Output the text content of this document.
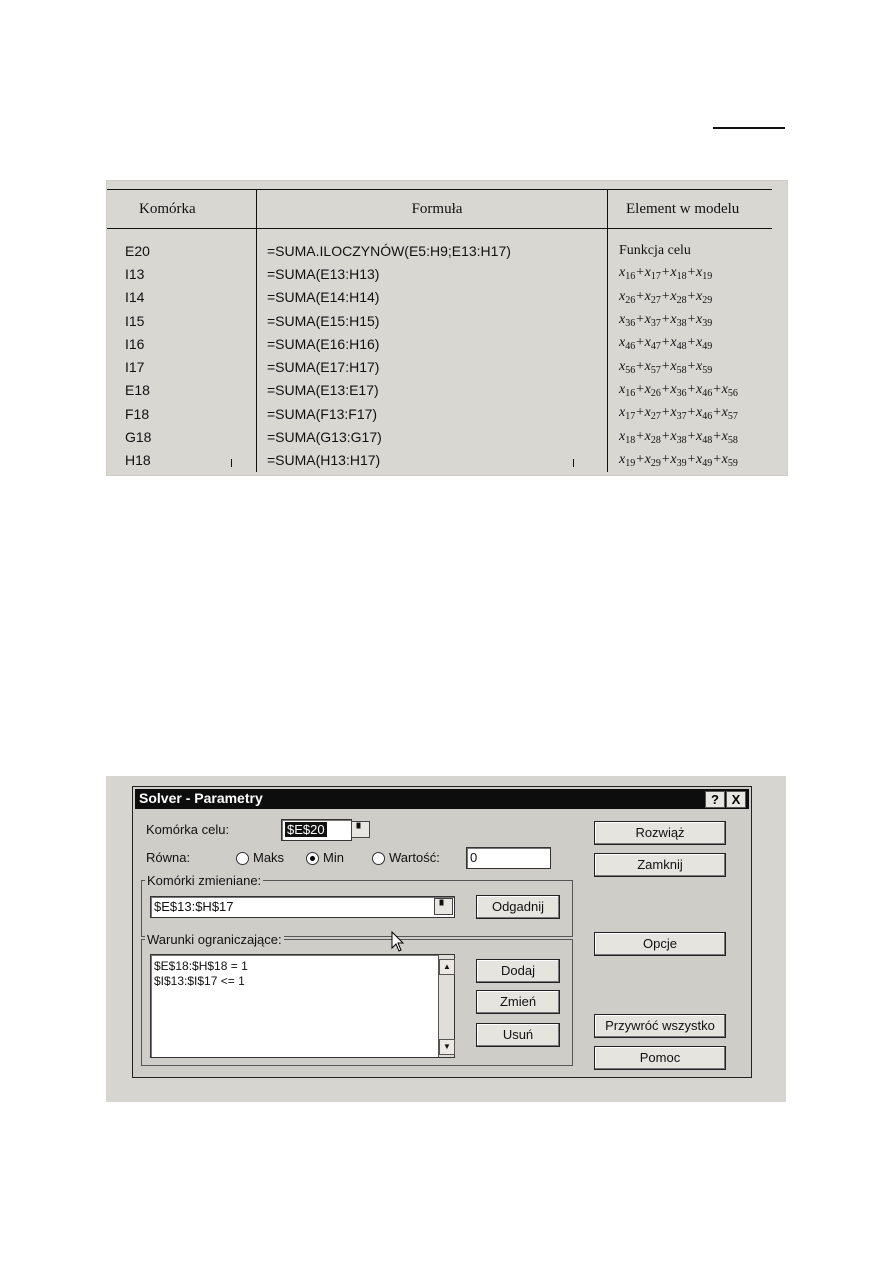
Komórka	Formuła	Element w modelu
E20	=SUMA.ILOCZYNÓW(E5:H9;E13:H17)	Funkcja celu
I13	=SUMA(E13:H13)	$x_{16}+x_{17}+x_{18}+x_{19}$
I14	=SUMA(E14:H14)	$x_{26}+x_{27}+x_{28}+x_{29}$
I15	=SUMA(E15:H15)	$x_{36}+x_{37}+x_{38}+x_{39}$
I16	=SUMA(E16:H16)	$x_{46}+x_{47}+x_{48}+x_{49}$
I17	=SUMA(E17:H17)	$x_{56}+x_{57}+x_{58}+x_{59}$
E18	=SUMA(E13:E17)	$x_{16}+x_{26}+x_{36}+x_{46}+x_{56}$
F18	=SUMA(F13:F17)	$x_{17}+x_{27}+x_{37}+x_{46}+x_{57}$
G18	=SUMA(G13:G17)	$x_{18}+x_{28}+x_{38}+x_{48}+x_{58}$
H18	=SUMA(H13:H17)	$x_{19}+x_{29}+x_{39}+x_{49}+x_{59}$
Solver - Parametry	? X
Komórka celu:	$E$20	▘
Równa:	Maks	Min	Wartość:	0
Komórki zmieniane:
$E$13:$H$17	▘	Odgadnij
Warunki ograniczające:
$E$18:$H$18 = 1
$I$13:$I$17 <= 1
▲
▼
Dodaj
Zmień
Usuń
Rozwiąż
Zamknij
Opcje
Przywróć wszystko
Pomoc
